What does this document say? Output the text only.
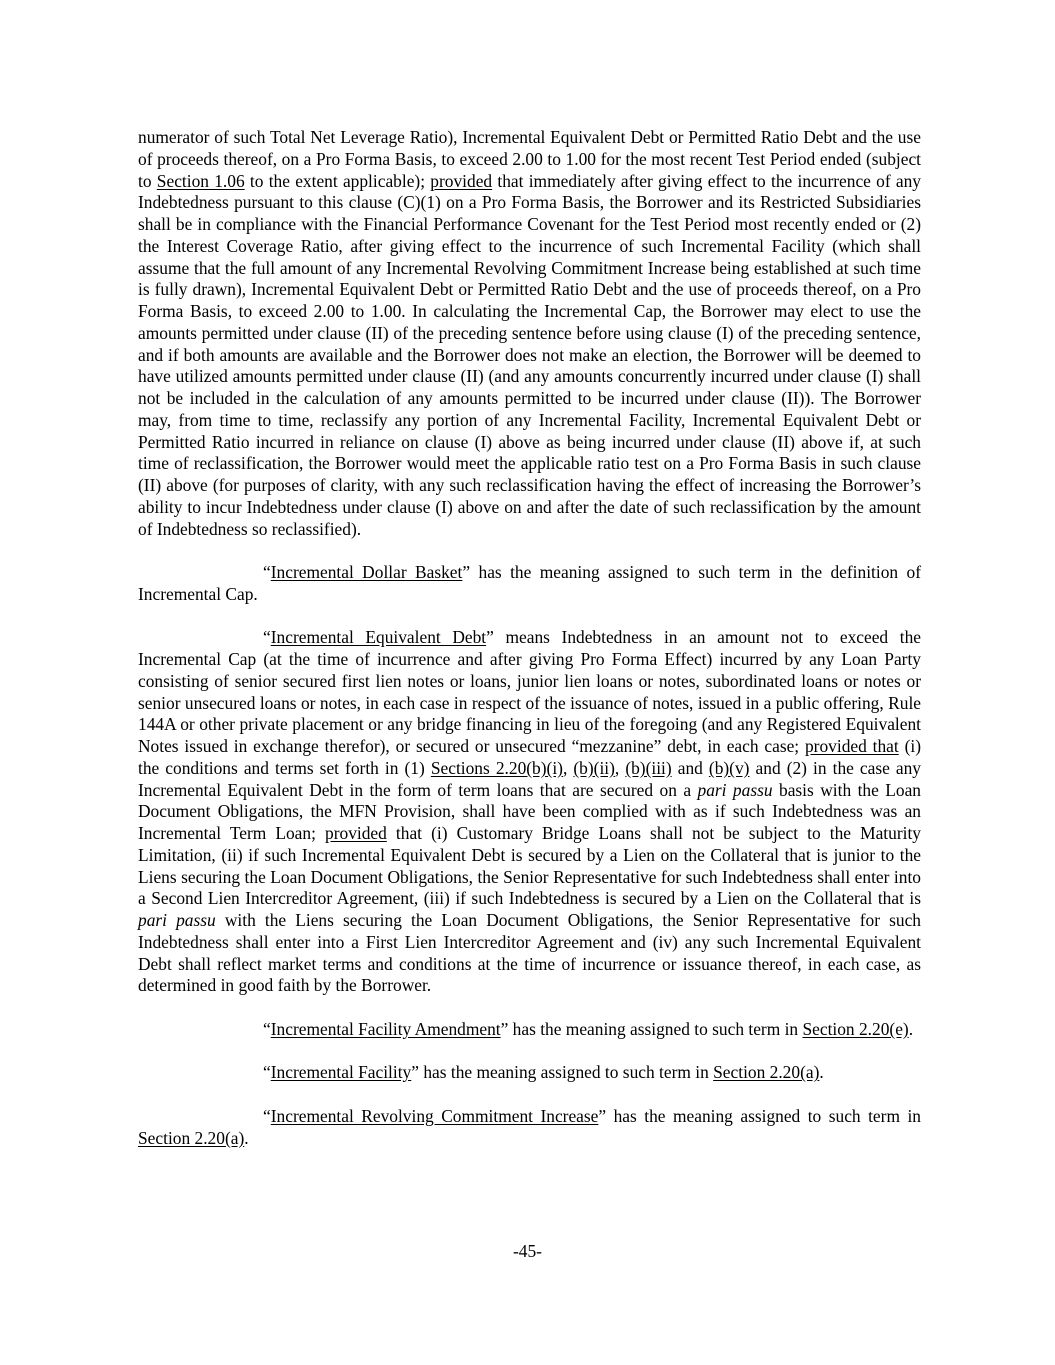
numerator of such Total Net Leverage Ratio), Incremental Equivalent Debt or Permitted Ratio Debt and the use of proceeds thereof, on a Pro Forma Basis, to exceed 2.00 to 1.00 for the most recent Test Period ended (subject to Section 1.06 to the extent applicable); provided that immediately after giving effect to the incurrence of any Indebtedness pursuant to this clause (C)(1) on a Pro Forma Basis, the Borrower and its Restricted Subsidiaries shall be in compliance with the Financial Performance Covenant for the Test Period most recently ended or (2) the Interest Coverage Ratio, after giving effect to the incurrence of such Incremental Facility (which shall assume that the full amount of any Incremental Revolving Commitment Increase being established at such time is fully drawn), Incremental Equivalent Debt or Permitted Ratio Debt and the use of proceeds thereof, on a Pro Forma Basis, to exceed 2.00 to 1.00. In calculating the Incremental Cap, the Borrower may elect to use the amounts permitted under clause (II) of the preceding sentence before using clause (I) of the preceding sentence, and if both amounts are available and the Borrower does not make an election, the Borrower will be deemed to have utilized amounts permitted under clause (II) (and any amounts concurrently incurred under clause (I) shall not be included in the calculation of any amounts permitted to be incurred under clause (II)). The Borrower may, from time to time, reclassify any portion of any Incremental Facility, Incremental Equivalent Debt or Permitted Ratio incurred in reliance on clause (I) above as being incurred under clause (II) above if, at such time of reclassification, the Borrower would meet the applicable ratio test on a Pro Forma Basis in such clause (II) above (for purposes of clarity, with any such reclassification having the effect of increasing the Borrower’s ability to incur Indebtedness under clause (I) above on and after the date of such reclassification by the amount of Indebtedness so reclassified).

“Incremental Dollar Basket” has the meaning assigned to such term in the definition of Incremental Cap.

“Incremental Equivalent Debt” means Indebtedness in an amount not to exceed the Incremental Cap (at the time of incurrence and after giving Pro Forma Effect) incurred by any Loan Party consisting of senior secured first lien notes or loans, junior lien loans or notes, subordinated loans or notes or senior unsecured loans or notes, in each case in respect of the issuance of notes, issued in a public offering, Rule 144A or other private placement or any bridge financing in lieu of the foregoing (and any Registered Equivalent Notes issued in exchange therefor), or secured or unsecured “mezzanine” debt, in each case; provided that (i) the conditions and terms set forth in (1) Sections 2.20(b)(i), (b)(ii), (b)(iii) and (b)(v) and (2) in the case any Incremental Equivalent Debt in the form of term loans that are secured on a pari passu basis with the Loan Document Obligations, the MFN Provision, shall have been complied with as if such Indebtedness was an Incremental Term Loan; provided that (i) Customary Bridge Loans shall not be subject to the Maturity Limitation, (ii) if such Incremental Equivalent Debt is secured by a Lien on the Collateral that is junior to the Liens securing the Loan Document Obligations, the Senior Representative for such Indebtedness shall enter into a Second Lien Intercreditor Agreement, (iii) if such Indebtedness is secured by a Lien on the Collateral that is pari passu with the Liens securing the Loan Document Obligations, the Senior Representative for such Indebtedness shall enter into a First Lien Intercreditor Agreement and (iv) any such Incremental Equivalent Debt shall reflect market terms and conditions at the time of incurrence or issuance thereof, in each case, as determined in good faith by the Borrower.

“Incremental Facility Amendment” has the meaning assigned to such term in Section 2.20(e).

“Incremental Facility” has the meaning assigned to such term in Section 2.20(a).

“Incremental Revolving Commitment Increase” has the meaning assigned to such term in Section 2.20(a).

-45-
